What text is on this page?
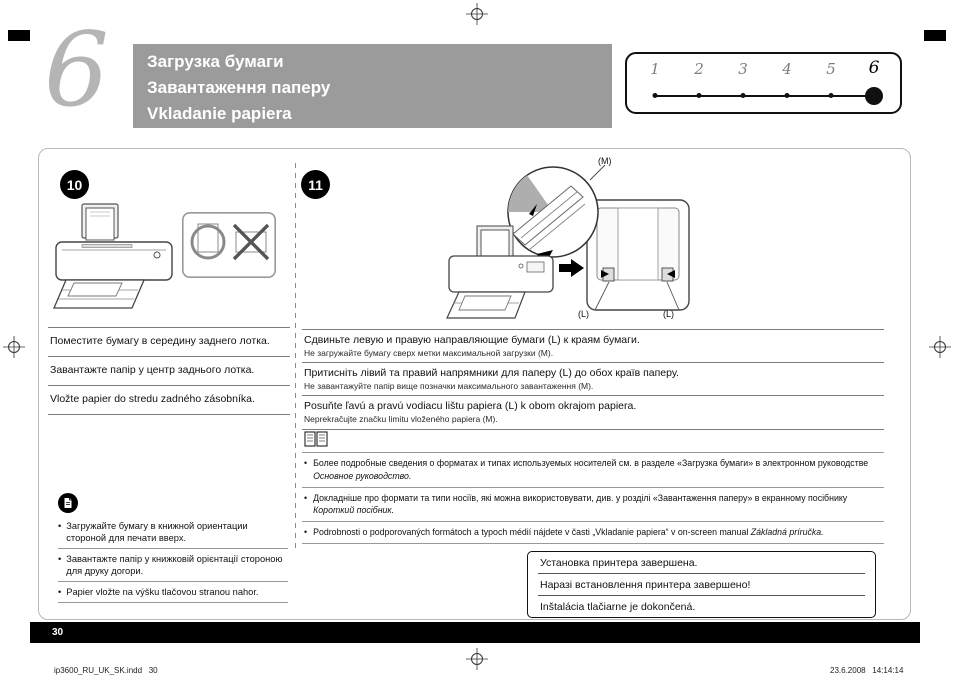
6 Загрузка бумаги
Завантаження паперу
Vkladanie papiera
1 2 3 4 5 6
10
Поместите бумагу в середину заднего лотка.
Завантажте папір у центр заднього лотка.
Vložte papier do stredu zadného zásobníka.
• Загружайте бумагу в книжной ориентации стороной для печати вверх.
• Завантажте папір у книжковій орієнтації стороною для друку догори.
• Papier vložte na výšku tlačovou stranou nahor.
11
(M)
(L)	(L)
Сдвиньте левую и правую направляющие бумаги (L) к краям бумаги.
Не загружайте бумагу сверх метки максимальной загрузки (M).
Притисніть лівий та правий напрямники для паперу (L) до обох країв паперу.
Не завантажуйте папір вище позначки максимального завантаження (M).
Posuňte ľavú a pravú vodiacu lištu papiera (L) k obom okrajom papiera.
Neprekračujte značku limitu vloženého papiera (M).
• Более подробные сведения о форматах и типах используемых носителей см. в разделе «Загрузка бумаги» в электронном руководстве Основное руководство.
• Докладніше про формати та типи носіїв, які можна використовувати, див. у розділі «Завантаження паперу» в екранному посібнику Короткий посібник.
• Podrobnosti o podporovaných formátoch a typoch médií nájdete v časti „Vkladanie papiera“ v on-screen manual Základná príručka.
Установка принтера завершена.
Наразі встановлення принтера завершено!
Inštalácia tlačiarne je dokončená.
30
ip3600_RU_UK_SK.indd   30	23.6.2008   14:14:14
